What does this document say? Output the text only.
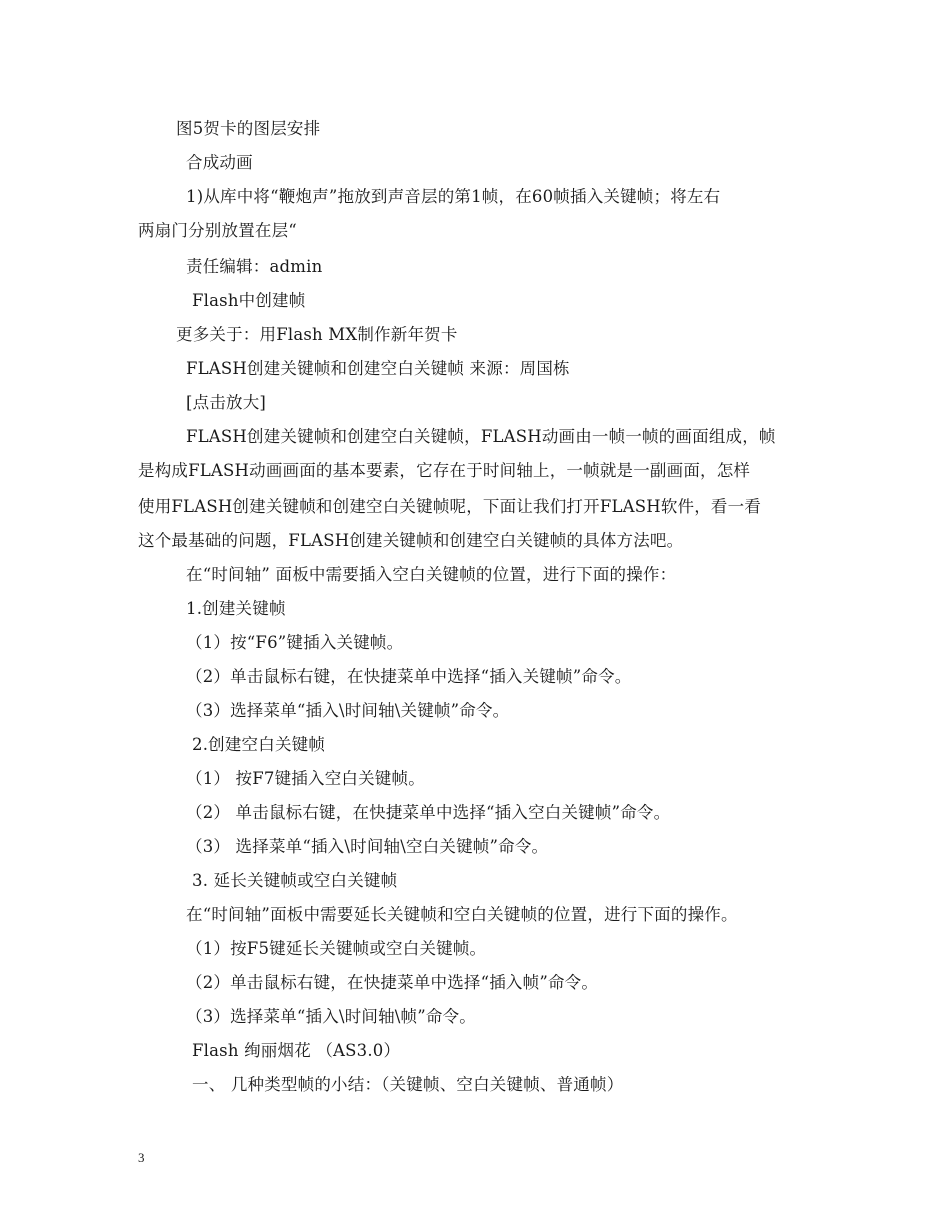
图5贺卡的图层安排
合成动画
1)从库中将“鞭炮声”拖放到声音层的第1帧，在60帧插入关键帧；将左右
两扇门分别放置在层“
责任编辑：admin
Flash中创建帧
更多关于：用Flash MX制作新年贺卡
FLASH创建关键帧和创建空白关键帧 来源：周国栋
[点击放大]
FLASH创建关键帧和创建空白关键帧，FLASH动画由一帧一帧的画面组成，帧
是构成FLASH动画画面的基本要素，它存在于时间轴上，一帧就是一副画面，怎样
使用FLASH创建关键帧和创建空白关键帧呢，下面让我们打开FLASH软件，看一看
这个最基础的问题，FLASH创建关键帧和创建空白关键帧的具体方法吧。
在“时间轴” 面板中需要插入空白关键帧的位置，进行下面的操作：
1.创建关键帧
（1）按“F6”键插入关键帧。
（2）单击鼠标右键，在快捷菜单中选择“插入关键帧”命令。
（3）选择菜单“插入\时间轴\关键帧”命令。
2.创建空白关键帧
（1） 按F7键插入空白关键帧。
（2） 单击鼠标右键，在快捷菜单中选择“插入空白关键帧”命令。
（3） 选择菜单“插入\时间轴\空白关键帧”命令。
3. 延长关键帧或空白关键帧
在“时间轴”面板中需要延长关键帧和空白关键帧的位置，进行下面的操作。
（1）按F5键延长关键帧或空白关键帧。
（2）单击鼠标右键，在快捷菜单中选择“插入帧”命令。
（3）选择菜单“插入\时间轴\帧”命令。
Flash 绚丽烟花 （AS3.0）
一、 几种类型帧的小结：（关键帧、空白关键帧、普通帧）
3
